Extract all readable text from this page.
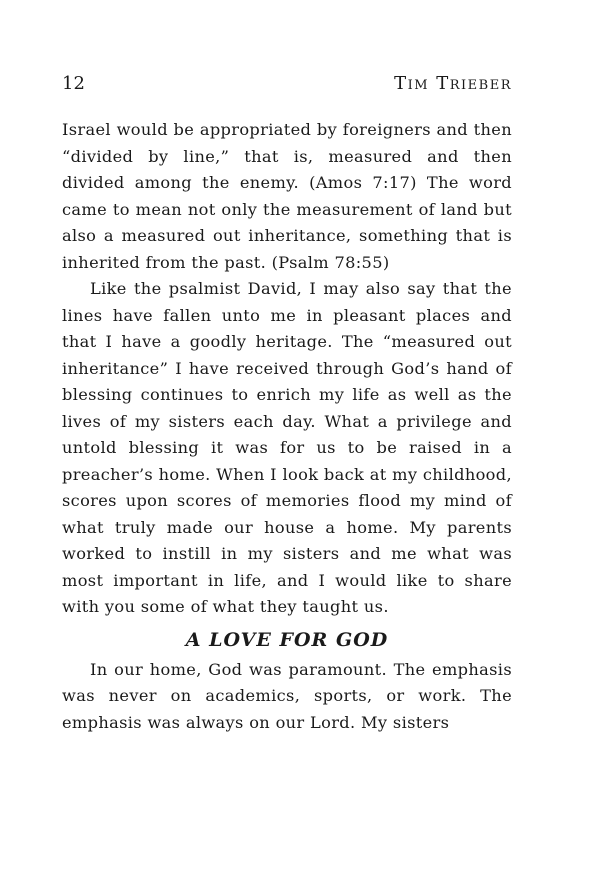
12	Tim Trieber

Israel would be appropriated by foreigners and then “divided by line,” that is, measured and then divided among the enemy. (Amos 7:17) The word came to mean not only the measurement of land but also a measured out inheritance, something that is inherited from the past. (Psalm 78:55)

Like the psalmist David, I may also say that the lines have fallen unto me in pleasant places and that I have a goodly heritage. The “measured out inheritance” I have received through God’s hand of blessing continues to enrich my life as well as the lives of my sisters each day. What a privilege and untold blessing it was for us to be raised in a preacher’s home. When I look back at my childhood, scores upon scores of memories flood my mind of what truly made our house a home. My parents worked to instill in my sisters and me what was most important in life, and I would like to share with you some of what they taught us.

A LOVE FOR GOD

In our home, God was paramount. The emphasis was never on academics, sports, or work. The emphasis was always on our Lord. My sisters
